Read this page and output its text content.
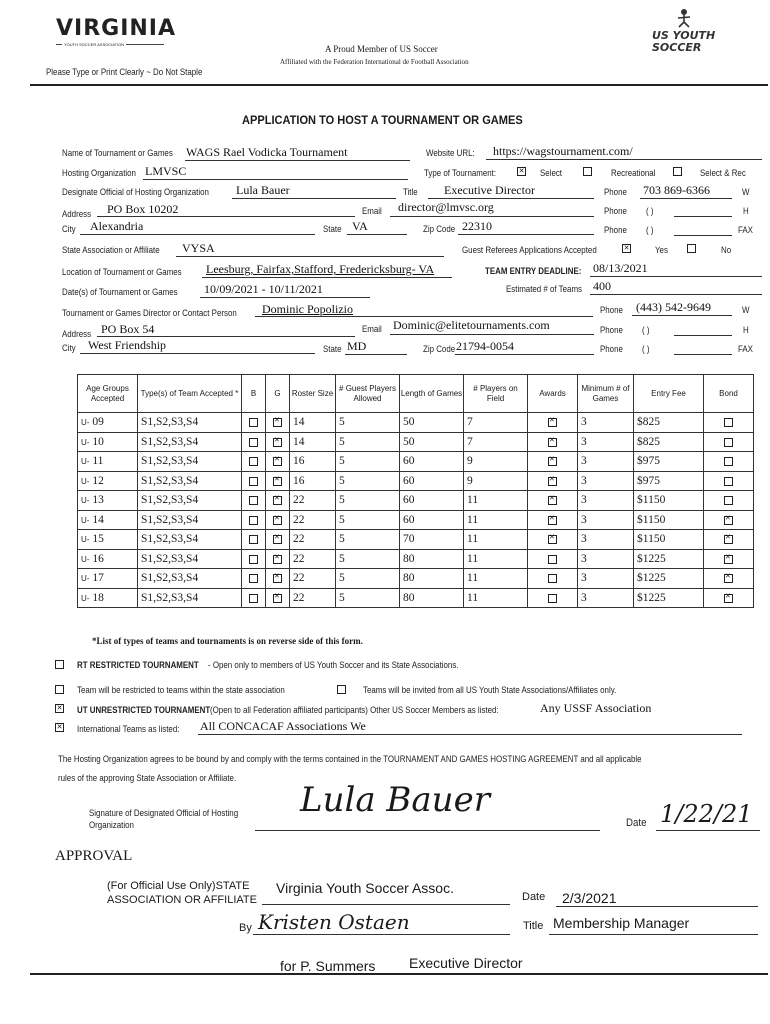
VIRGINIA
YOUTH SOCCER ASSOCIATION	A Proud Member of US Soccer
Affiliated with the Federation International de Football Association
Please Type or Print Clearly ~ Do Not Staple
US YOUTH SOCCER
APPLICATION TO HOST A TOURNAMENT OR GAMES
Name of Tournament or Games WAGS Rael Vodicka Tournament	Website URL: https://wagstournament.com/
Hosting Organization LMVSC	Type of Tournament: ✕	Select	Recreational	Select & Rec
Designate Official of Hosting Organization Lula Bauer	Title Executive Director	Phone 703 869-6366	W
Address PO Box 10202	Email director@lmvsc.org	Phone ( )	H
City Alexandria	State VA	Zip Code 22310	Phone ( )	FAX
State Association or Affiliate VYSA	Guest Referees Applications Accepted ✕	Yes	No
Location of Tournament or Games Leesburg, Fairfax,Stafford, Fredericksburg- VA	TEAM ENTRY DEADLINE: 08/13/2021
Date(s) of Tournament or Games 10/09/2021 - 10/11/2021	Estimated # of Teams 400
Tournament or Games Director or Contact Person Dominic Popolizio	Phone (443) 542-9649	W
Address PO Box 54	Email Dominic@elitetournaments.com	Phone ( )	H
City West Friendship	State MD	Zip Code 21794-0054	Phone ( )	FAX
Age Groups Accepted	Type(s) of Team Accepted *	B	G	Roster Size	# Guest Players Allowed	Length of Games	# Players on Field	Awards	Minimum # of Games	Entry Fee	Bond
U- 09	S1,S2,S3,S4		✕	14	5	50	7	✕	3	$825	
U- 10	S1,S2,S3,S4		✕	14	5	50	7	✕	3	$825	
U- 11	S1,S2,S3,S4		✕	16	5	60	9	✕	3	$975	
U- 12	S1,S2,S3,S4		✕	16	5	60	9	✕	3	$975	
U- 13	S1,S2,S3,S4		✕	22	5	60	11	✕	3	$1150	
U- 14	S1,S2,S3,S4		✕	22	5	60	11	✕	3	$1150	✕
U- 15	S1,S2,S3,S4		✕	22	5	70	11	✕	3	$1150	✕
U- 16	S1,S2,S3,S4		✕	22	5	80	11		3	$1225	✕
U- 17	S1,S2,S3,S4		✕	22	5	80	11		3	$1225	✕
U- 18	S1,S2,S3,S4		✕	22	5	80	11		3	$1225	✕
*List of types of teams and tournaments is on reverse side of this form.
RT RESTRICTED TOURNAMENT - Open only to members of US Youth Soccer and its State Associations.
Team will be restricted to teams within the state association	Teams will be invited from all US Youth State Associations/Affiliates only.
✕
UT UNRESTRICTED TOURNAMENT (Open to all Federation affiliated participants) Other US Soccer Members as listed:	Any USSF Association
✕
International Teams as listed: All CONCACAF Associations We
The Hosting Organization agrees to be bound by and comply with the terms contained in the TOURNAMENT AND GAMES HOSTING AGREEMENT and all applicable
rules of the approving State Association or Affiliate.
Signature of Designated Official of Hosting
Organization
Lula Bauer
Date 1/22/21
APPROVAL
(For Official Use Only)STATE
ASSOCIATION OR AFFILIATE
Virginia Youth Soccer Assoc.
Date 2/3/2021
By Kristen Ostaen	Title Membership Manager
for P. Summers Executive Director
